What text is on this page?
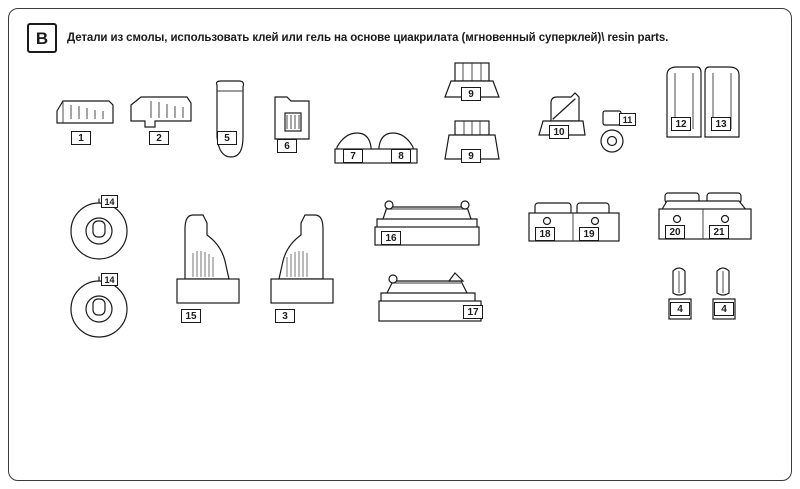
B	Детали из смолы, использовать клей или гель на основе циакрилата (мгновенный суперклей)\ resin parts.
1	2	5
6
7	8
9
9
10
11	12	13
14
14
15	3
16
17
18	19	20	21
4	4
